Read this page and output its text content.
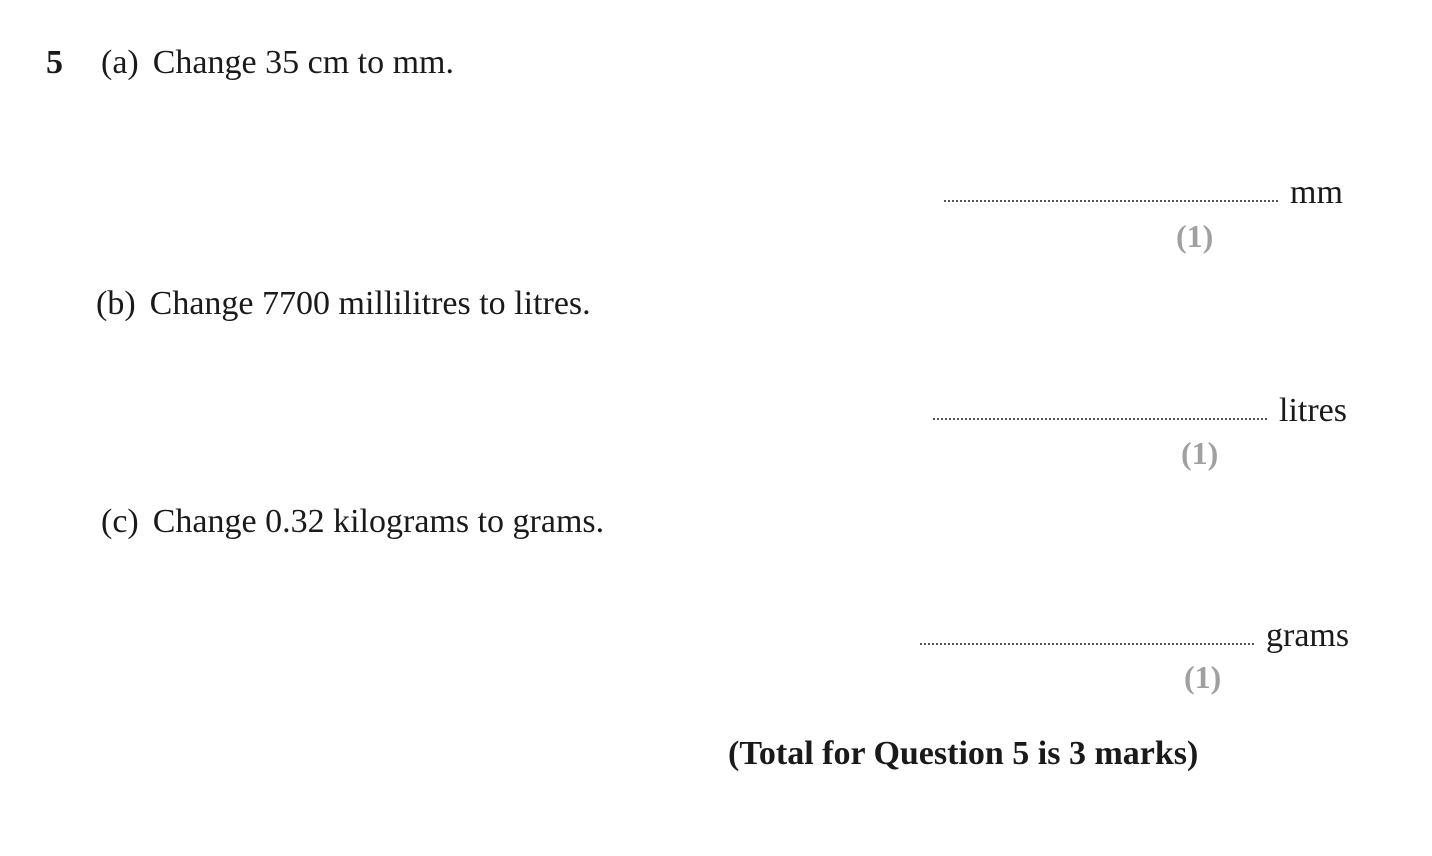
5 (a) Change 35 cm to mm.
mm
(1)
(b) Change 7700 millilitres to litres.
litres
(1)
(c) Change 0.32 kilograms to grams.
grams
(1)
(Total for Question 5 is 3 marks)
